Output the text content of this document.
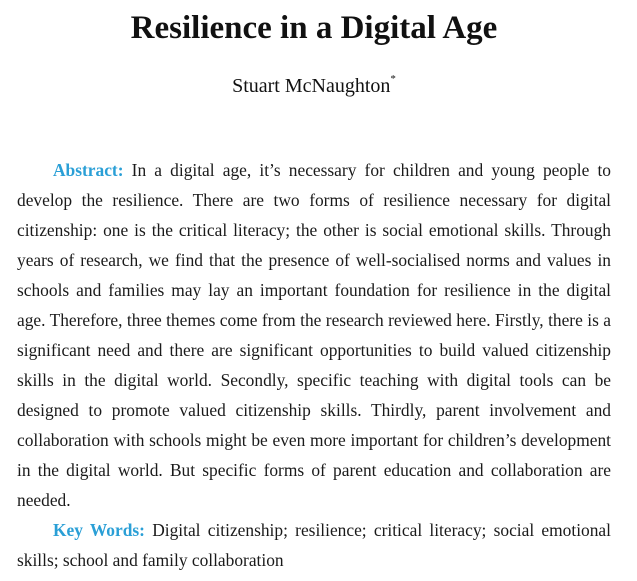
Resilience in a Digital Age
Stuart McNaughton*

Abstract: In a digital age, it’s necessary for children and young people to develop the resilience. There are two forms of resilience necessary for digital citizenship: one is the critical literacy; the other is social emotional skills. Through years of research, we find that the presence of well-socialised norms and values in schools and families may lay an important foundation for resilience in the digital age. Therefore, three themes come from the research reviewed here. Firstly, there is a significant need and there are significant opportunities to build valued citizenship skills in the digital world. Secondly, specific teaching with digital tools can be designed to promote valued citizenship skills. Thirdly, parent involvement and collaboration with schools might be even more important for children’s development in the digital world. But specific forms of parent education and collaboration are needed.

Key Words: Digital citizenship; resilience; critical literacy; social emotional skills; school and family collaboration
